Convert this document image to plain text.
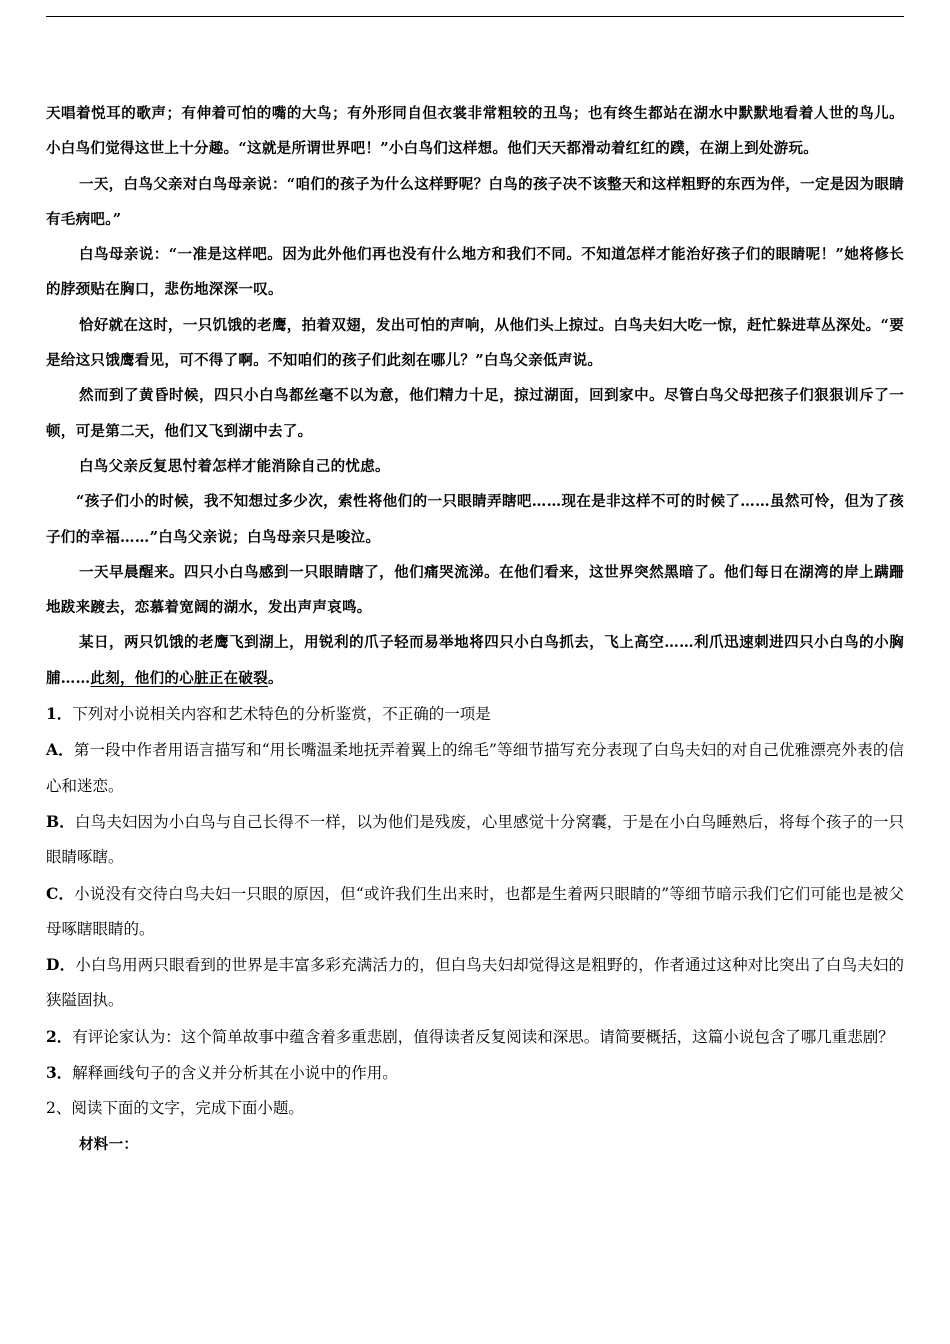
天唱着悦耳的歌声；有伸着可怕的嘴的大鸟；有外形同自但衣裳非常粗较的丑鸟；也有终生都站在湖水中默默地看着人世的鸟儿。小白鸟们觉得这世上十分趣。“这就是所谓世界吧！”小白鸟们这样想。他们天天都滑动着红红的蹼，在湖上到处游玩。

一天，白鸟父亲对白鸟母亲说：“咱们的孩子为什么这样野呢？白鸟的孩子决不该整天和这样粗野的东西为伴，一定是因为眼睛有毛病吧。”

白鸟母亲说：“一准是这样吧。因为此外他们再也没有什么地方和我们不同。不知道怎样才能治好孩子们的眼睛呢！”她将修长的脖颈贴在胸口，悲伤地深深一叹。

恰好就在这时，一只饥饿的老鹰，拍着双翅，发出可怕的声响，从他们头上掠过。白鸟夫妇大吃一惊，赶忙躲进草丛深处。“要是给这只饿鹰看见，可不得了啊。不知咱们的孩子们此刻在哪儿？”白鸟父亲低声说。

然而到了黄昏时候，四只小白鸟都丝毫不以为意，他们精力十足，掠过湖面，回到家中。尽管白鸟父母把孩子们狠狠训斥了一顿，可是第二天，他们又飞到湖中去了。

白鸟父亲反复思忖着怎样才能消除自己的忧虑。

“孩子们小的时候，我不知想过多少次，索性将他们的一只眼睛弄瞎吧……现在是非这样不可的时候了……虽然可怜，但为了孩子们的幸福……”白鸟父亲说；白鸟母亲只是唆泣。

一天早晨醒来。四只小白鸟感到一只眼睛瞎了，他们痛哭流涕。在他们看来，这世界突然黑暗了。他们每日在湖湾的岸上蹒跚地跋来踱去，恋慕着宽阔的湖水，发出声声哀鸣。

某日，两只饥饿的老鹰飞到湖上，用锐利的爪子轻而易举地将四只小白鸟抓去，飞上高空……利爪迅速刺进四只小白鸟的小胸脯……此刻，他们的心脏正在破裂。

1．下列对小说相关内容和艺术特色的分析鉴赏，不正确的一项是

A．第一段中作者用语言描写和“用长嘴温柔地抚弄着翼上的绵毛”等细节描写充分表现了白鸟夫妇的对自己优雅漂亮外表的信心和迷恋。

B．白鸟夫妇因为小白鸟与自己长得不一样，以为他们是残废，心里感觉十分窝囊，于是在小白鸟睡熟后，将每个孩子的一只眼睛啄瞎。

C．小说没有交待白鸟夫妇一只眼的原因，但“或许我们生出来时，也都是生着两只眼睛的”等细节暗示我们它们可能也是被父母啄瞎眼睛的。

D．小白鸟用两只眼看到的世界是丰富多彩充满活力的，但白鸟夫妇却觉得这是粗野的，作者通过这种对比突出了白鸟夫妇的狭隘固执。

2．有评论家认为：这个简单故事中蕴含着多重悲剧，值得读者反复阅读和深思。请简要概括，这篇小说包含了哪几重悲剧？

3．解释画线句子的含义并分析其在小说中的作用。

2、阅读下面的文字，完成下面小题。

材料一：
